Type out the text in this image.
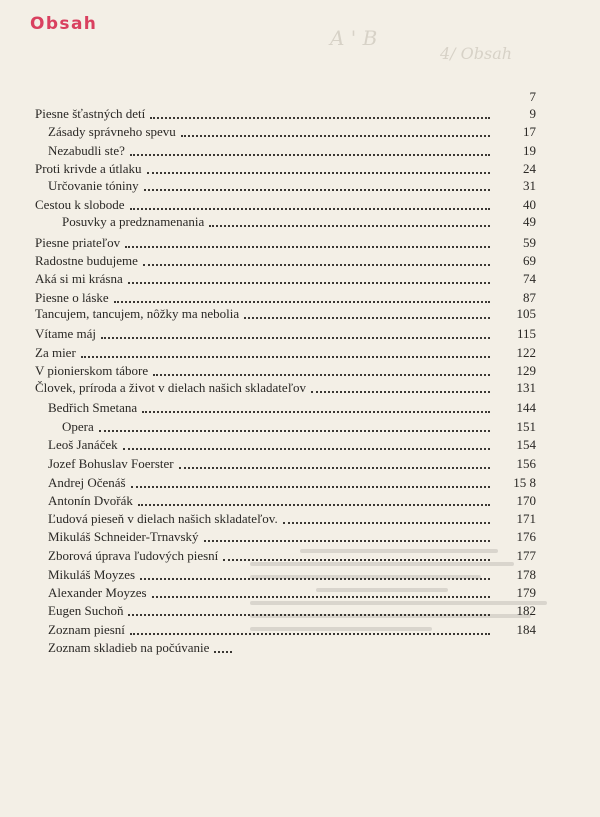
Obsah
A ' B
4/ Obsah
7
Piesne šťastných detí	9
Zásady správneho spevu	17
Nezabudli ste?	19
Proti krivde a útlaku	24
Určovanie tóniny	31
Cestou k slobode	40
Posuvky a predznamenania	49
Piesne priateľov	59
Radostne budujeme	69
Aká si mi krásna	74
Piesne o láske	87
Tancujem, tancujem, nôžky ma nebolia	105
Vítame máj	115
Za mier	122
V pionierskom tábore	129
Človek, príroda a život v dielach našich skladateľov	131
Bedřich Smetana	144
Opera	151
Leoš Janáček	154
Jozef Bohuslav Foerster	156
Andrej Očenáš	15 8
Antonín Dvořák	170
Ľudová pieseň v dielach našich skladateľov.	171
Mikuláš Schneider-Trnavský	176
Zborová úprava ľudových piesní	177
Mikuláš Moyzes	178
Alexander Moyzes	179
Eugen Suchoň	182
Zoznam piesní	184
Zoznam skladieb na počúvanie
